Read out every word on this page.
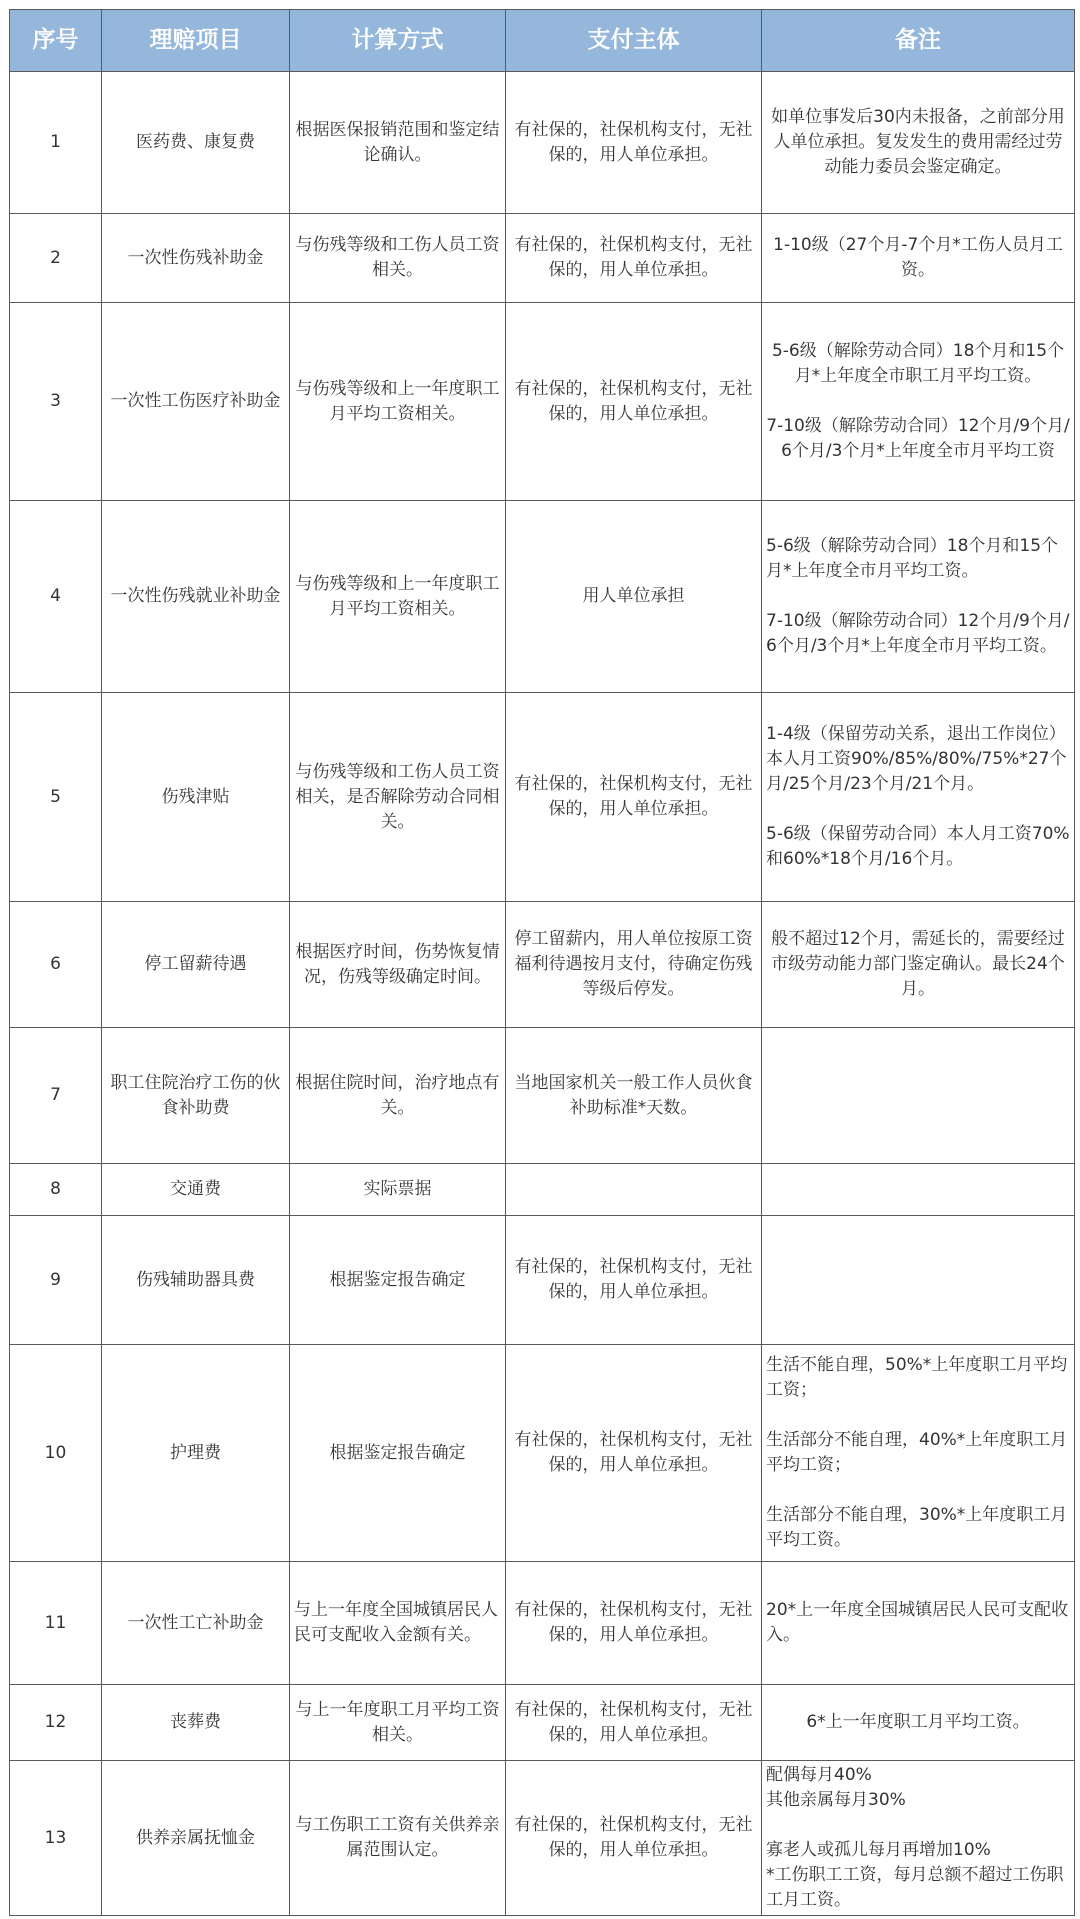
序号	理赔项目	计算方式	支付主体	备注
1	医药费、康复费	根据医保报销范围和鉴定结论确认。	有社保的，社保机构支付，无社保的，用人单位承担。	如单位事发后30内未报备，之前部分用人单位承担。复发发生的费用需经过劳动能力委员会鉴定确定。

2	一次性伤残补助金	与伤残等级和工伤人员工资相关。	有社保的，社保机构支付，无社保的，用人单位承担。	1-10级（27个月-7个月*工伤人员月工资。

3	一次性工伤医疗补助金	与伤残等级和上一年度职工月平均工资相关。	有社保的，社保机构支付，无社保的，用人单位承担。	5-6级（解除劳动合同）18个月和15个月*上年度全市职工月平均工资。
7-10级（解除劳动合同）12个月/9个月/6个月/3个月*上年度全市月平均工资

4	一次性伤残就业补助金	与伤残等级和上一年度职工月平均工资相关。	用人单位承担	5-6级（解除劳动合同）18个月和15个月*上年度全市月平均工资。
7-10级（解除劳动合同）12个月/9个月/6个月/3个月*上年度全市月平均工资。

5	伤残津贴	与伤残等级和工伤人员工资相关，是否解除劳动合同相关。	有社保的，社保机构支付，无社保的，用人单位承担。	1-4级（保留劳动关系，退出工作岗位）本人月工资90%/85%/80%/75%*27个月/25个月/23个月/21个月。
5-6级（保留劳动合同）本人月工资70%和60%*18个月/16个月。

6	停工留薪待遇	根据医疗时间，伤势恢复情况，伤残等级确定时间。	停工留薪内，用人单位按原工资福利待遇按月支付，待确定伤残等级后停发。	般不超过12个月，需延长的，需要经过市级劳动能力部门鉴定确认。最长24个月。

7	职工住院治疗工伤的伙食补助费	根据住院时间，治疗地点有关。	当地国家机关一般工作人员伙食补助标准*天数。	
8	交通费	实际票据		
9	伤残辅助器具费	根据鉴定报告确定	有社保的，社保机构支付，无社保的，用人单位承担。	
10	护理费	根据鉴定报告确定	有社保的，社保机构支付，无社保的，用人单位承担。	生活不能自理，50%*上年度职工月平均工资；
生活部分不能自理，40%*上年度职工月平均工资；
生活部分不能自理，30%*上年度职工月平均工资。

11	一次性工亡补助金	与上一年度全国城镇居民人民可支配收入金额有关。	有社保的，社保机构支付，无社保的，用人单位承担。	20*上一年度全国城镇居民人民可支配收入。

12	丧葬费	与上一年度职工月平均工资相关。	有社保的，社保机构支付，无社保的，用人单位承担。	6*上一年度职工月平均工资。

13	供养亲属抚恤金	与工伤职工工资有关供养亲属范围认定。	有社保的，社保机构支付，无社保的，用人单位承担。	配偶每月40%
其他亲属每月30%
寡老人或孤儿每月再增加10%
*工伤职工工资，每月总额不超过工伤职工月工资。
